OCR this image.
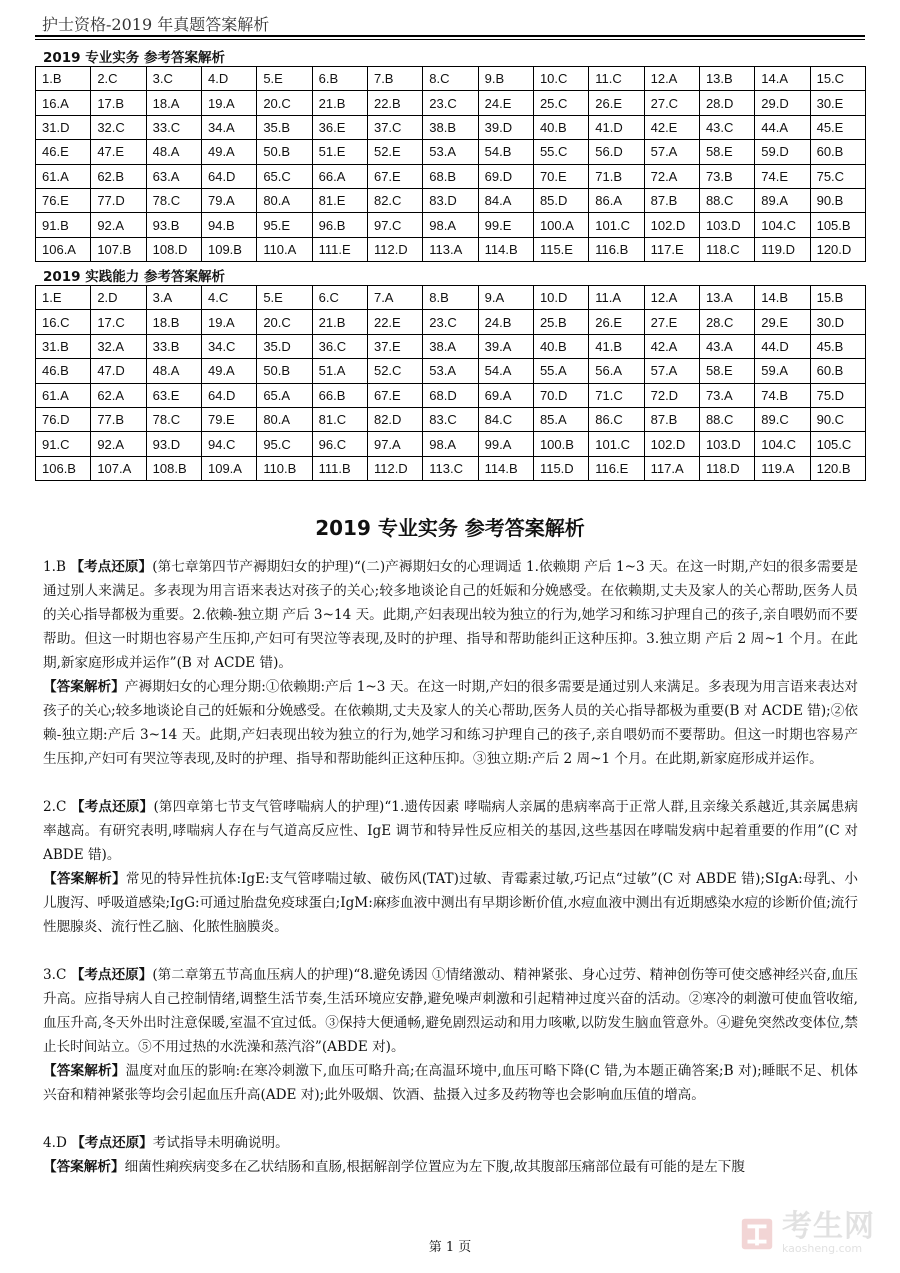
护士资格-2019 年真题答案解析
2019 专业实务 参考答案解析
1.B	2.C	3.C	4.D	5.E	6.B	7.B	8.C	9.B	10.C	11.C	12.A	13.B	14.A	15.C
16.A	17.B	18.A	19.A	20.C	21.B	22.B	23.C	24.E	25.C	26.E	27.C	28.D	29.D	30.E
31.D	32.C	33.C	34.A	35.B	36.E	37.C	38.B	39.D	40.B	41.D	42.E	43.C	44.A	45.E
46.E	47.E	48.A	49.A	50.B	51.E	52.E	53.A	54.B	55.C	56.D	57.A	58.E	59.D	60.B
61.A	62.B	63.A	64.D	65.C	66.A	67.E	68.B	69.D	70.E	71.B	72.A	73.B	74.E	75.C
76.E	77.D	78.C	79.A	80.A	81.E	82.C	83.D	84.A	85.D	86.A	87.B	88.C	89.A	90.B
91.B	92.A	93.B	94.B	95.E	96.B	97.C	98.A	99.E	100.A	101.C	102.D	103.D	104.C	105.B
106.A	107.B	108.D	109.B	110.A	111.E	112.D	113.A	114.B	115.E	116.B	117.E	118.C	119.D	120.D
2019 实践能力 参考答案解析
1.E	2.D	3.A	4.C	5.E	6.C	7.A	8.B	9.A	10.D	11.A	12.A	13.A	14.B	15.B
16.C	17.C	18.B	19.A	20.C	21.B	22.E	23.C	24.B	25.B	26.E	27.E	28.C	29.E	30.D
31.B	32.A	33.B	34.C	35.D	36.C	37.E	38.A	39.A	40.B	41.B	42.A	43.A	44.D	45.B
46.B	47.D	48.A	49.A	50.B	51.A	52.C	53.A	54.A	55.A	56.A	57.A	58.E	59.A	60.B
61.A	62.A	63.E	64.D	65.A	66.B	67.E	68.D	69.A	70.D	71.C	72.D	73.A	74.B	75.D
76.D	77.B	78.C	79.E	80.A	81.C	82.D	83.C	84.C	85.A	86.C	87.B	88.C	89.C	90.C
91.C	92.A	93.D	94.C	95.C	96.C	97.A	98.A	99.A	100.B	101.C	102.D	103.D	104.C	105.C
106.B	107.A	108.B	109.A	110.B	111.B	112.D	113.C	114.B	115.D	116.E	117.A	118.D	119.A	120.B
2019 专业实务 参考答案解析

1.B 【考点还原】(第七章第四节产褥期妇女的护理)“(二)产褥期妇女的心理调适 1.依赖期 产后 1~3 天。在这一时期,产妇的很多需要是通过别人来满足。多表现为用言语来表达对孩子的关心;较多地谈论自己的妊娠和分娩感受。在依赖期,丈夫及家人的关心帮助,医务人员的关心指导都极为重要。2.依赖-独立期 产后 3~14 天。此期,产妇表现出较为独立的行为,她学习和练习护理自己的孩子,亲自喂奶而不要帮助。但这一时期也容易产生压抑,产妇可有哭泣等表现,及时的护理、指导和帮助能纠正这种压抑。3.独立期 产后 2 周~1 个月。在此期,新家庭形成并运作”(B 对 ACDE 错)。

【答案解析】产褥期妇女的心理分期:①依赖期:产后 1~3 天。在这一时期,产妇的很多需要是通过别人来满足。多表现为用言语来表达对孩子的关心;较多地谈论自己的妊娠和分娩感受。在依赖期,丈夫及家人的关心帮助,医务人员的关心指导都极为重要(B 对 ACDE 错);②依赖-独立期:产后 3~14 天。此期,产妇表现出较为独立的行为,她学习和练习护理自己的孩子,亲自喂奶而不要帮助。但这一时期也容易产生压抑,产妇可有哭泣等表现,及时的护理、指导和帮助能纠正这种压抑。③独立期:产后 2 周~1 个月。在此期,新家庭形成并运作。

2.C 【考点还原】(第四章第七节支气管哮喘病人的护理)“1.遗传因素 哮喘病人亲属的患病率高于正常人群,且亲缘关系越近,其亲属患病率越高。有研究表明,哮喘病人存在与气道高反应性、IgE 调节和特异性反应相关的基因,这些基因在哮喘发病中起着重要的作用”(C 对 ABDE 错)。

【答案解析】常见的特异性抗体:IgE:支气管哮喘过敏、破伤风(TAT)过敏、青霉素过敏,巧记点“过敏”(C 对 ABDE 错);SIgA:母乳、小儿腹泻、呼吸道感染;IgG:可通过胎盘免疫球蛋白;IgM:麻疹血液中测出有早期诊断价值,水痘血液中测出有近期感染水痘的诊断价值;流行性腮腺炎、流行性乙脑、化脓性脑膜炎。

3.C 【考点还原】(第二章第五节高血压病人的护理)“8.避免诱因 ①情绪激动、精神紧张、身心过劳、精神创伤等可使交感神经兴奋,血压升高。应指导病人自己控制情绪,调整生活节奏,生活环境应安静,避免噪声刺激和引起精神过度兴奋的活动。②寒冷的刺激可使血管收缩,血压升高,冬天外出时注意保暖,室温不宜过低。③保持大便通畅,避免剧烈运动和用力咳嗽,以防发生脑血管意外。④避免突然改变体位,禁止长时间站立。⑤不用过热的水洗澡和蒸汽浴”(ABDE 对)。

【答案解析】温度对血压的影响:在寒冷刺激下,血压可略升高;在高温环境中,血压可略下降(C 错,为本题正确答案;B 对);睡眠不足、机体兴奋和精神紧张等均会引起血压升高(ADE 对);此外吸烟、饮酒、盐摄入过多及药物等也会影响血压值的增高。

4.D 【考点还原】考试指导未明确说明。

【答案解析】细菌性痢疾病变多在乙状结肠和直肠,根据解剖学位置应为左下腹,故其腹部压痛部位最有可能的是左下腹

第 1 页
考生网
kaosheng.com
